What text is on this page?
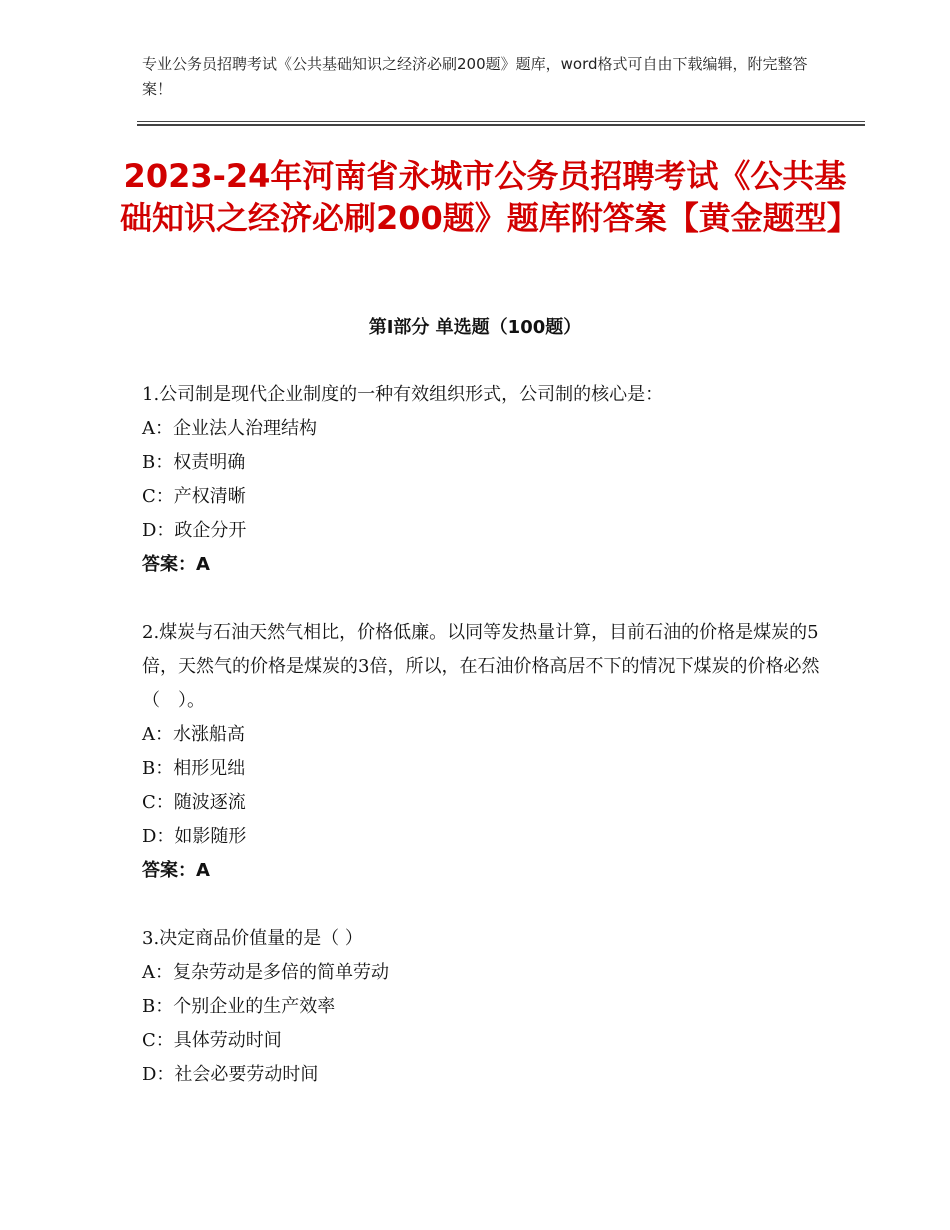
专业公务员招聘考试《公共基础知识之经济必刷200题》题库，word格式可自由下载编辑，附完整答案！
2023-24年河南省永城市公务员招聘考试《公共基础知识之经济必刷200题》题库附答案【黄金题型】
第Ⅰ部分 单选题（100题）

1.公司制是现代企业制度的一种有效组织形式，公司制的核心是：

A：企业法人治理结构

B：权责明确

C：产权清晰

D：政企分开

答案：A

2.煤炭与石油天然气相比，价格低廉。以同等发热量计算，目前石油的价格是煤炭的5倍，天然气的价格是煤炭的3倍，所以，在石油价格高居不下的情况下煤炭的价格必然（　）。

A：水涨船高

B：相形见绌

C：随波逐流

D：如影随形

答案：A

3.决定商品价值量的是（ ）

A：复杂劳动是多倍的简单劳动

B：个别企业的生产效率

C：具体劳动时间

D：社会必要劳动时间
